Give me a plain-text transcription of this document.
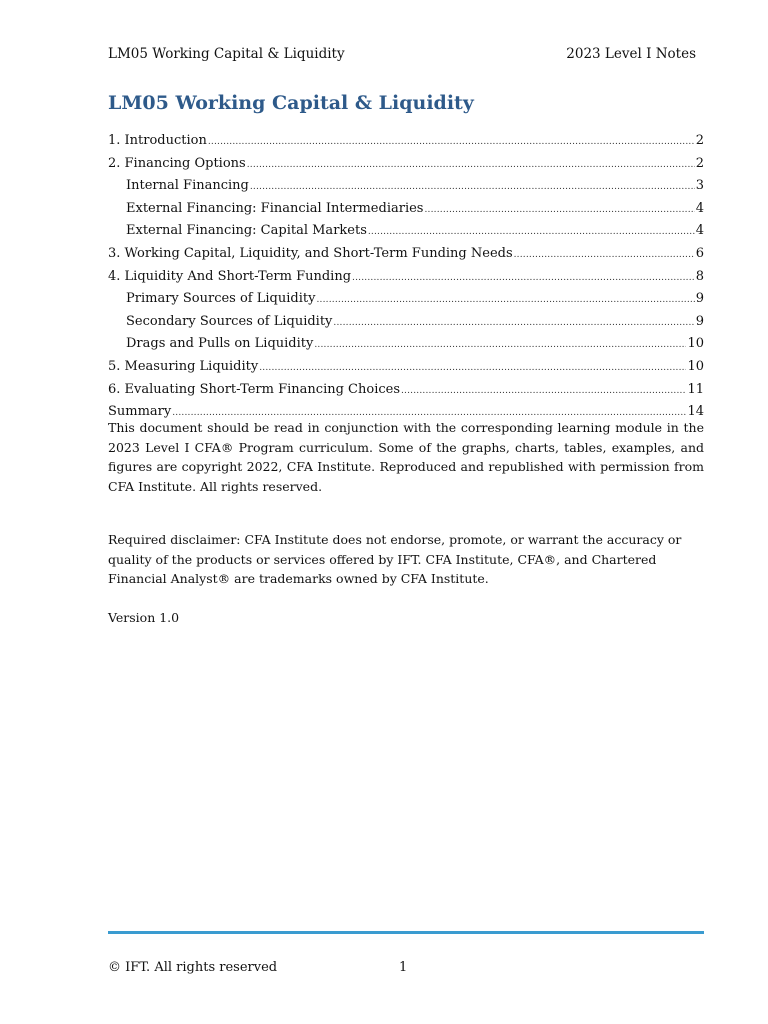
LM05 Working Capital & Liquidity	2023 Level I Notes
LM05 Working Capital & Liquidity
1. Introduction .....	2
2. Financing Options .....	2
Internal Financing .....	3
External Financing: Financial Intermediaries .....	4
External Financing: Capital Markets .....	4
3. Working Capital, Liquidity, and Short-Term Funding Needs .....	6
4. Liquidity And Short-Term Funding .....	8
Primary Sources of Liquidity .....	9
Secondary Sources of Liquidity .....	9
Drags and Pulls on Liquidity .....	10
5. Measuring Liquidity .....	10
6. Evaluating Short-Term Financing Choices .....	11
Summary .....	14

This document should be read in conjunction with the corresponding learning module in the 2023 Level I CFA® Program curriculum. Some of the graphs, charts, tables, examples, and figures are copyright 2022, CFA Institute. Reproduced and republished with permission from CFA Institute. All rights reserved.

Required disclaimer: CFA Institute does not endorse, promote, or warrant the accuracy or quality of the products or services offered by IFT. CFA Institute, CFA®, and Chartered Financial Analyst® are trademarks owned by CFA Institute.

Version 1.0

© IFT. All rights reserved	1
